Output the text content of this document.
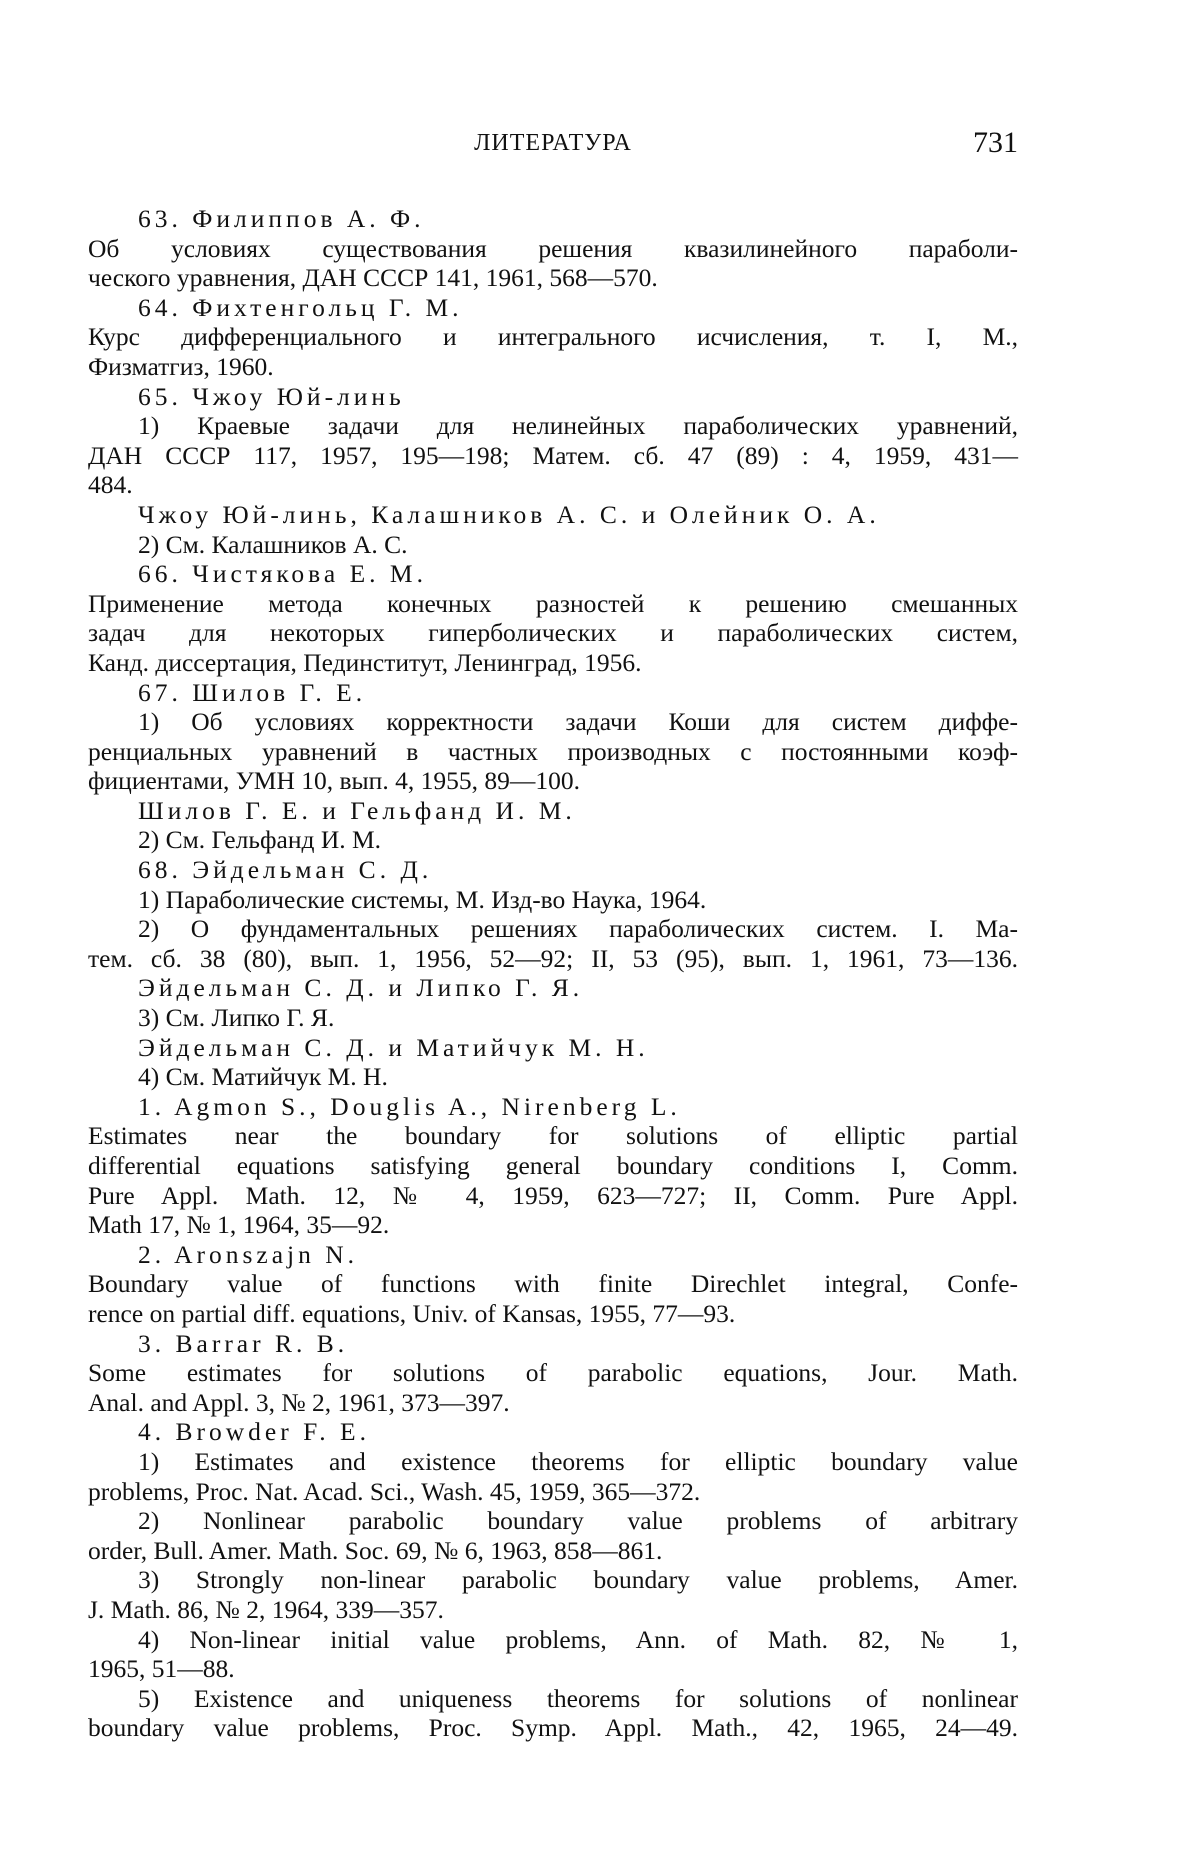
ЛИТЕРАТУРА	731
63. Филиппов А. Ф.
Об условиях существования решения квазилинейного параболи-
ческого уравнения, ДАН СССР 141, 1961, 568—570.
64. Фихтенгольц Г. М.
Курс дифференциального и интегрального исчисления, т. I, М.,
Физматгиз, 1960.
65. Чжоу Юй-линь
1) Краевые задачи для нелинейных параболических уравнений,
ДАН СССР 117, 1957, 195—198; Матем. сб. 47 (89) : 4, 1959, 431—
484.
Чжоу Юй-линь, Калашников А. С. и Олейник О. А.
2) См. Калашников А. С.
66. Чистякова Е. М.
Применение метода конечных разностей к решению смешанных
задач для некоторых гиперболических и параболических систем,
Канд. диссертация, Пединститут, Ленинград, 1956.
67. Шилов Г. Е.
1) Об условиях корректности задачи Коши для систем диффе-
ренциальных уравнений в частных производных с постоянными коэф-
фициентами, УМН 10, вып. 4, 1955, 89—100.
Шилов Г. Е. и Гельфанд И. М.
2) См. Гельфанд И. М.
68. Эйдельман С. Д.
1) Параболические системы, М. Изд-во Наука, 1964.
2) О фундаментальных решениях параболических систем. I. Ма-
тем. сб. 38 (80), вып. 1, 1956, 52—92; II, 53 (95), вып. 1, 1961, 73—136.
Эйдельман С. Д. и Липко Г. Я.
3) См. Липко Г. Я.
Эйдельман С. Д. и Матийчук М. Н.
4) См. Матийчук М. Н.
1. Agmon S., Douglis A., Nirenberg L.
Estimates near the boundary for solutions of elliptic partial
differential equations satisfying general boundary conditions I, Comm.
Pure Appl. Math. 12, № 4, 1959, 623—727; II, Comm. Pure Appl.
Math 17, № 1, 1964, 35—92.
2. Aronszajn N.
Boundary value of functions with finite Direchlet integral, Confe-
rence on partial diff. equations, Univ. of Kansas, 1955, 77—93.
3. Barrar R. B.
Some estimates for solutions of parabolic equations, Jour. Math.
Anal. and Appl. 3, № 2, 1961, 373—397.
4. Browder F. E.
1) Estimates and existence theorems for elliptic boundary value
problems, Proc. Nat. Acad. Sci., Wash. 45, 1959, 365—372.
2) Nonlinear parabolic boundary value problems of arbitrary
order, Bull. Amer. Math. Soc. 69, № 6, 1963, 858—861.
3) Strongly non-linear parabolic boundary value problems, Amer.
J. Math. 86, № 2, 1964, 339—357.
4) Non-linear initial value problems, Ann. of Math. 82, № 1,
1965, 51—88.
5) Existence and uniqueness theorems for solutions of nonlinear
boundary value problems, Proc. Symp. Appl. Math., 42, 1965, 24—49.
